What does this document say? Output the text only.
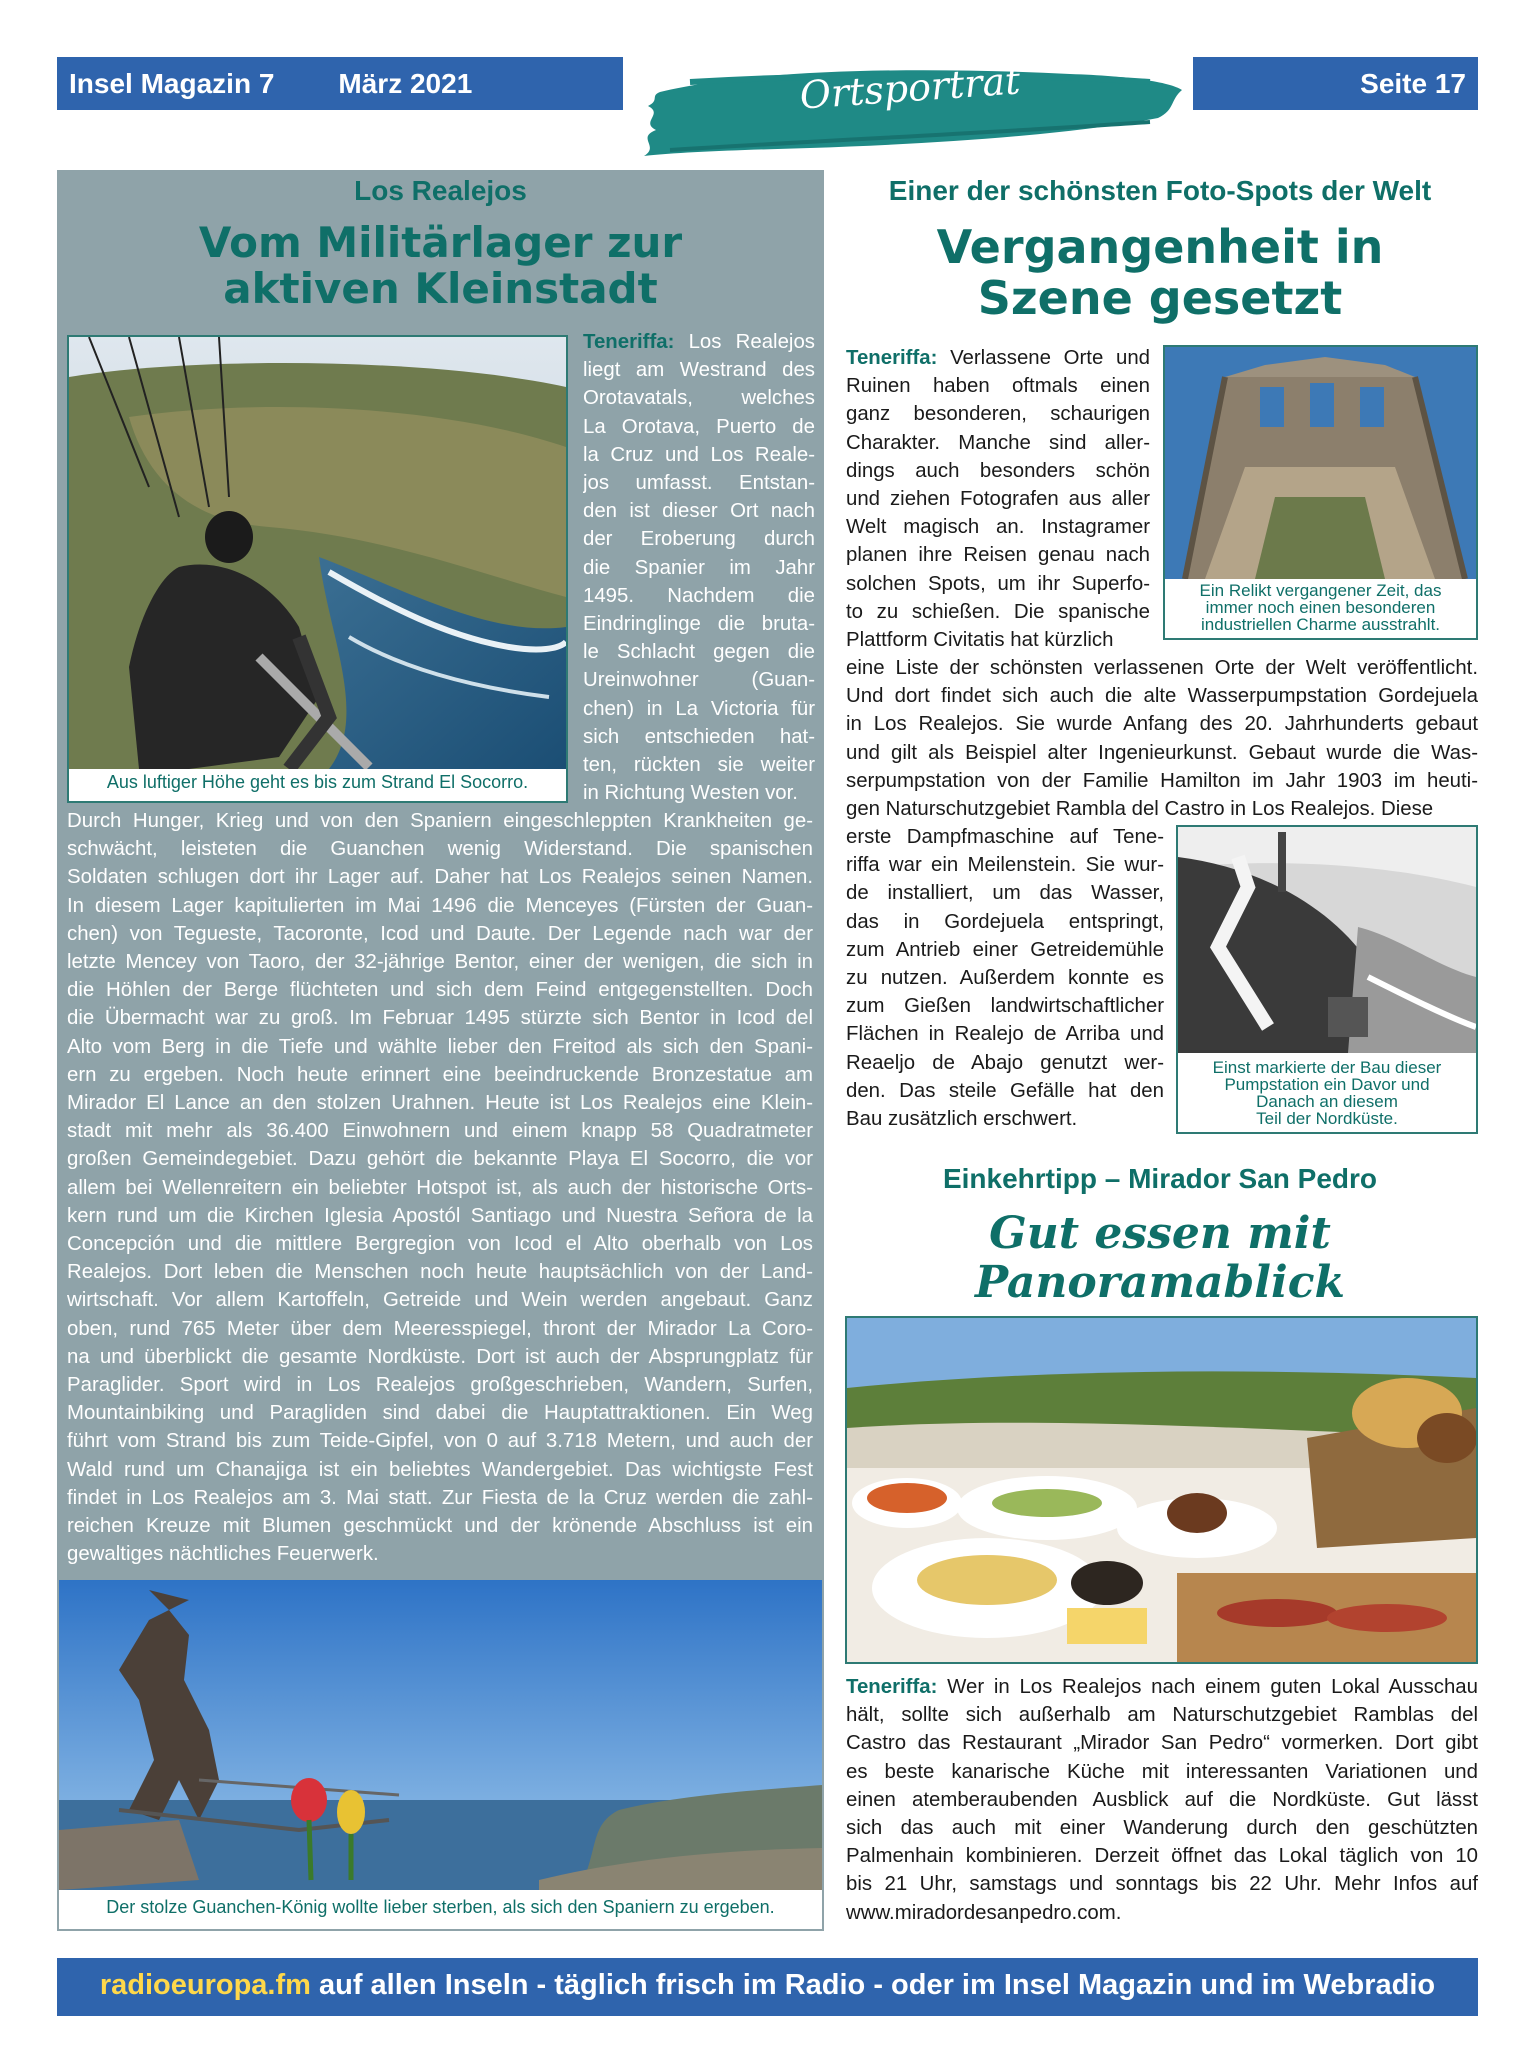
Insel Magazin 7 März 2021	Ortsporträt	Seite 17
Los Realejos
Vom Militärlager zur
aktiven Kleinstadt
Aus luftiger Höhe geht es bis zum Strand El Socorro.
Teneriffa: Los Realejos
liegt am Westrand des
Orotavatals, welches
La Orotava, Puerto de
la Cruz und Los Reale-
jos umfasst. Entstan-
den ist dieser Ort nach
der Eroberung durch
die Spanier im Jahr
1495. Nachdem die
Eindringlinge die bruta-
le Schlacht gegen die
Ureinwohner (Guan-
chen) in La Victoria für
sich entschieden hat-
ten, rückten sie weiter
in Richtung Westen vor.
Durch Hunger, Krieg und von den Spaniern eingeschleppten Krankheiten ge-
schwächt, leisteten die Guanchen wenig Widerstand. Die spanischen
Soldaten schlugen dort ihr Lager auf. Daher hat Los Realejos seinen Namen.
In diesem Lager kapitulierten im Mai 1496 die Menceyes (Fürsten der Guan-
chen) von Tegueste, Tacoronte, Icod und Daute. Der Legende nach war der
letzte Mencey von Taoro, der 32-jährige Bentor, einer der wenigen, die sich in
die Höhlen der Berge flüchteten und sich dem Feind entgegenstellten. Doch
die Übermacht war zu groß. Im Februar 1495 stürzte sich Bentor in Icod del
Alto vom Berg in die Tiefe und wählte lieber den Freitod als sich den Spani-
ern zu ergeben. Noch heute erinnert eine beeindruckende Bronzestatue am
Mirador El Lance an den stolzen Urahnen. Heute ist Los Realejos eine Klein-
stadt mit mehr als 36.400 Einwohnern und einem knapp 58 Quadratmeter
großen Gemeindegebiet. Dazu gehört die bekannte Playa El Socorro, die vor
allem bei Wellenreitern ein beliebter Hotspot ist, als auch der historische Orts-
kern rund um die Kirchen Iglesia Apostól Santiago und Nuestra Señora de la
Concepción und die mittlere Bergregion von Icod el Alto oberhalb von Los
Realejos. Dort leben die Menschen noch heute hauptsächlich von der Land-
wirtschaft. Vor allem Kartoffeln, Getreide und Wein werden angebaut. Ganz
oben, rund 765 Meter über dem Meeresspiegel, thront der Mirador La Coro-
na und überblickt die gesamte Nordküste. Dort ist auch der Absprungplatz für
Paraglider. Sport wird in Los Realejos großgeschrieben, Wandern, Surfen,
Mountainbiking und Paragliden sind dabei die Hauptattraktionen. Ein Weg
führt vom Strand bis zum Teide-Gipfel, von 0 auf 3.718 Metern, und auch der
Wald rund um Chanajiga ist ein beliebtes Wandergebiet. Das wichtigste Fest
findet in Los Realejos am 3. Mai statt. Zur Fiesta de la Cruz werden die zahl-
reichen Kreuze mit Blumen geschmückt und der krönende Abschluss ist ein
gewaltiges nächtliches Feuerwerk.
Der stolze Guanchen-König wollte lieber sterben, als sich den Spaniern zu ergeben.
Einer der schönsten Foto-Spots der Welt
Vergangenheit in
Szene gesetzt
Teneriffa: Verlassene Orte und
Ruinen haben oftmals einen
ganz besonderen, schaurigen
Charakter. Manche sind aller-
dings auch besonders schön
und ziehen Fotografen aus aller
Welt magisch an. Instagramer
planen ihre Reisen genau nach
solchen Spots, um ihr Superfo-
to zu schießen. Die spanische
Plattform Civitatis hat kürzlich
Ein Relikt vergangener Zeit, das
immer noch einen besonderen
industriellen Charme ausstrahlt.
eine Liste der schönsten verlassenen Orte der Welt veröffentlicht.
Und dort findet sich auch die alte Wasserpumpstation Gordejuela
in Los Realejos. Sie wurde Anfang des 20. Jahrhunderts gebaut
und gilt als Beispiel alter Ingenieurkunst. Gebaut wurde die Was-
serpumpstation von der Familie Hamilton im Jahr 1903 im heuti-
gen Naturschutzgebiet Rambla del Castro in Los Realejos. Diese
erste Dampfmaschine auf Tene-
riffa war ein Meilenstein. Sie wur-
de installiert, um das Wasser,
das in Gordejuela entspringt,
zum Antrieb einer Getreidemühle
zu nutzen. Außerdem konnte es
zum Gießen landwirtschaftlicher
Flächen in Realejo de Arriba und
Reaeljo de Abajo genutzt wer-
den. Das steile Gefälle hat den
Bau zusätzlich erschwert.
Einst markierte der Bau dieser
Pumpstation ein Davor und
Danach an diesem
Teil der Nordküste.
Einkehrtipp – Mirador San Pedro
Gut essen mit
Panoramablick
Teneriffa: Wer in Los Realejos nach einem guten Lokal Ausschau
hält, sollte sich außerhalb am Naturschutzgebiet Ramblas del
Castro das Restaurant „Mirador San Pedro“ vormerken. Dort gibt
es beste kanarische Küche mit interessanten Variationen und
einen atemberaubenden Ausblick auf die Nordküste. Gut lässt
sich das auch mit einer Wanderung durch den geschützten
Palmenhain kombinieren. Derzeit öffnet das Lokal täglich von 10
bis 21 Uhr, samstags und sonntags bis 22 Uhr. Mehr Infos auf
www.miradordesanpedro.com.
radioeuropa.fm auf allen Inseln - täglich frisch im Radio - oder im Insel Magazin und im Webradio
